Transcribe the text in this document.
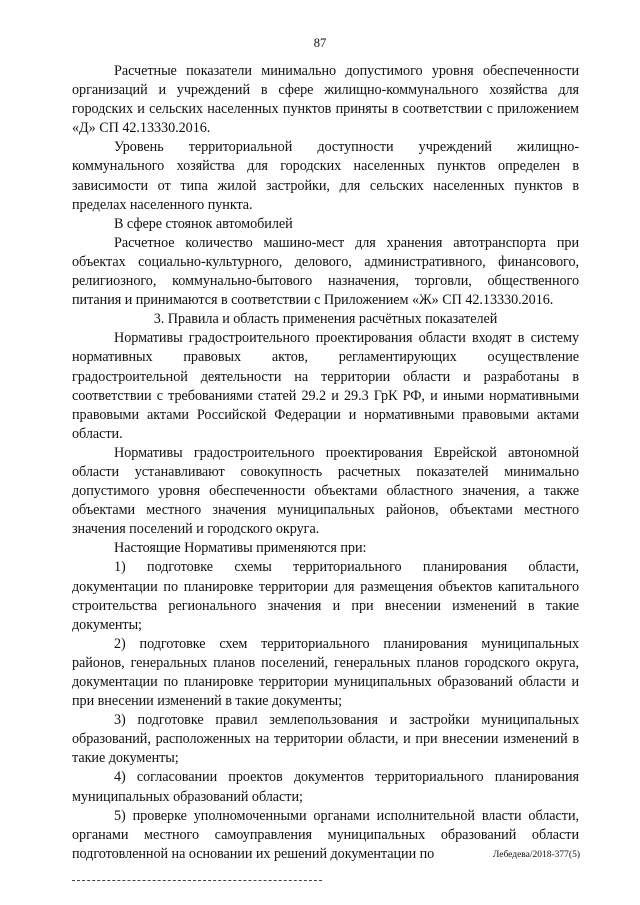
87

Расчетные показатели минимально допустимого уровня обеспеченности организаций и учреждений в сфере жилищно-коммунального хозяйства для городских и сельских населенных пунктов приняты в соответствии с приложением «Д» СП 42.13330.2016.

Уровень территориальной доступности учреждений жилищно-коммунального хозяйства для городских населенных пунктов определен в зависимости от типа жилой застройки, для сельских населенных пунктов в пределах населенного пункта.

В сфере стоянок автомобилей

Расчетное количество машино-мест для хранения автотранспорта при объектах социально-культурного, делового, административного, финансового, религиозного, коммунально-бытового назначения, торговли, общественного питания и принимаются в соответствии с Приложением «Ж» СП 42.13330.2016.

3. Правила и область применения расчётных показателей

Нормативы градостроительного проектирования области входят в систему нормативных правовых актов, регламентирующих осуществление градостроительной деятельности на территории области и разработаны в соответствии с требованиями статей 29.2 и 29.3 ГрК РФ, и иными нормативными правовыми актами Российской Федерации и нормативными правовыми актами области.

Нормативы градостроительного проектирования Еврейской автономной области устанавливают совокупность расчетных показателей минимально допустимого уровня обеспеченности объектами областного значения, а также объектами местного значения муниципальных районов, объектами местного значения поселений и городского округа.

Настоящие Нормативы применяются при:

1) подготовке схемы территориального планирования области, документации по планировке территории для размещения объектов капитального строительства регионального значения и при внесении изменений в такие документы;

2) подготовке схем территориального планирования муниципальных районов, генеральных планов поселений, генеральных планов городского округа, документации по планировке территории муниципальных образований области и при внесении изменений в такие документы;

3) подготовке правил землепользования и застройки муниципальных образований, расположенных на территории области, и при внесении изменений в такие документы;

4) согласовании проектов документов территориального планирования муниципальных образований области;

5) проверке уполномоченными органами исполнительной власти области, органами местного самоуправления муниципальных образований области подготовленной на основании их решений документации по	Лебедева/2018-377(5)
